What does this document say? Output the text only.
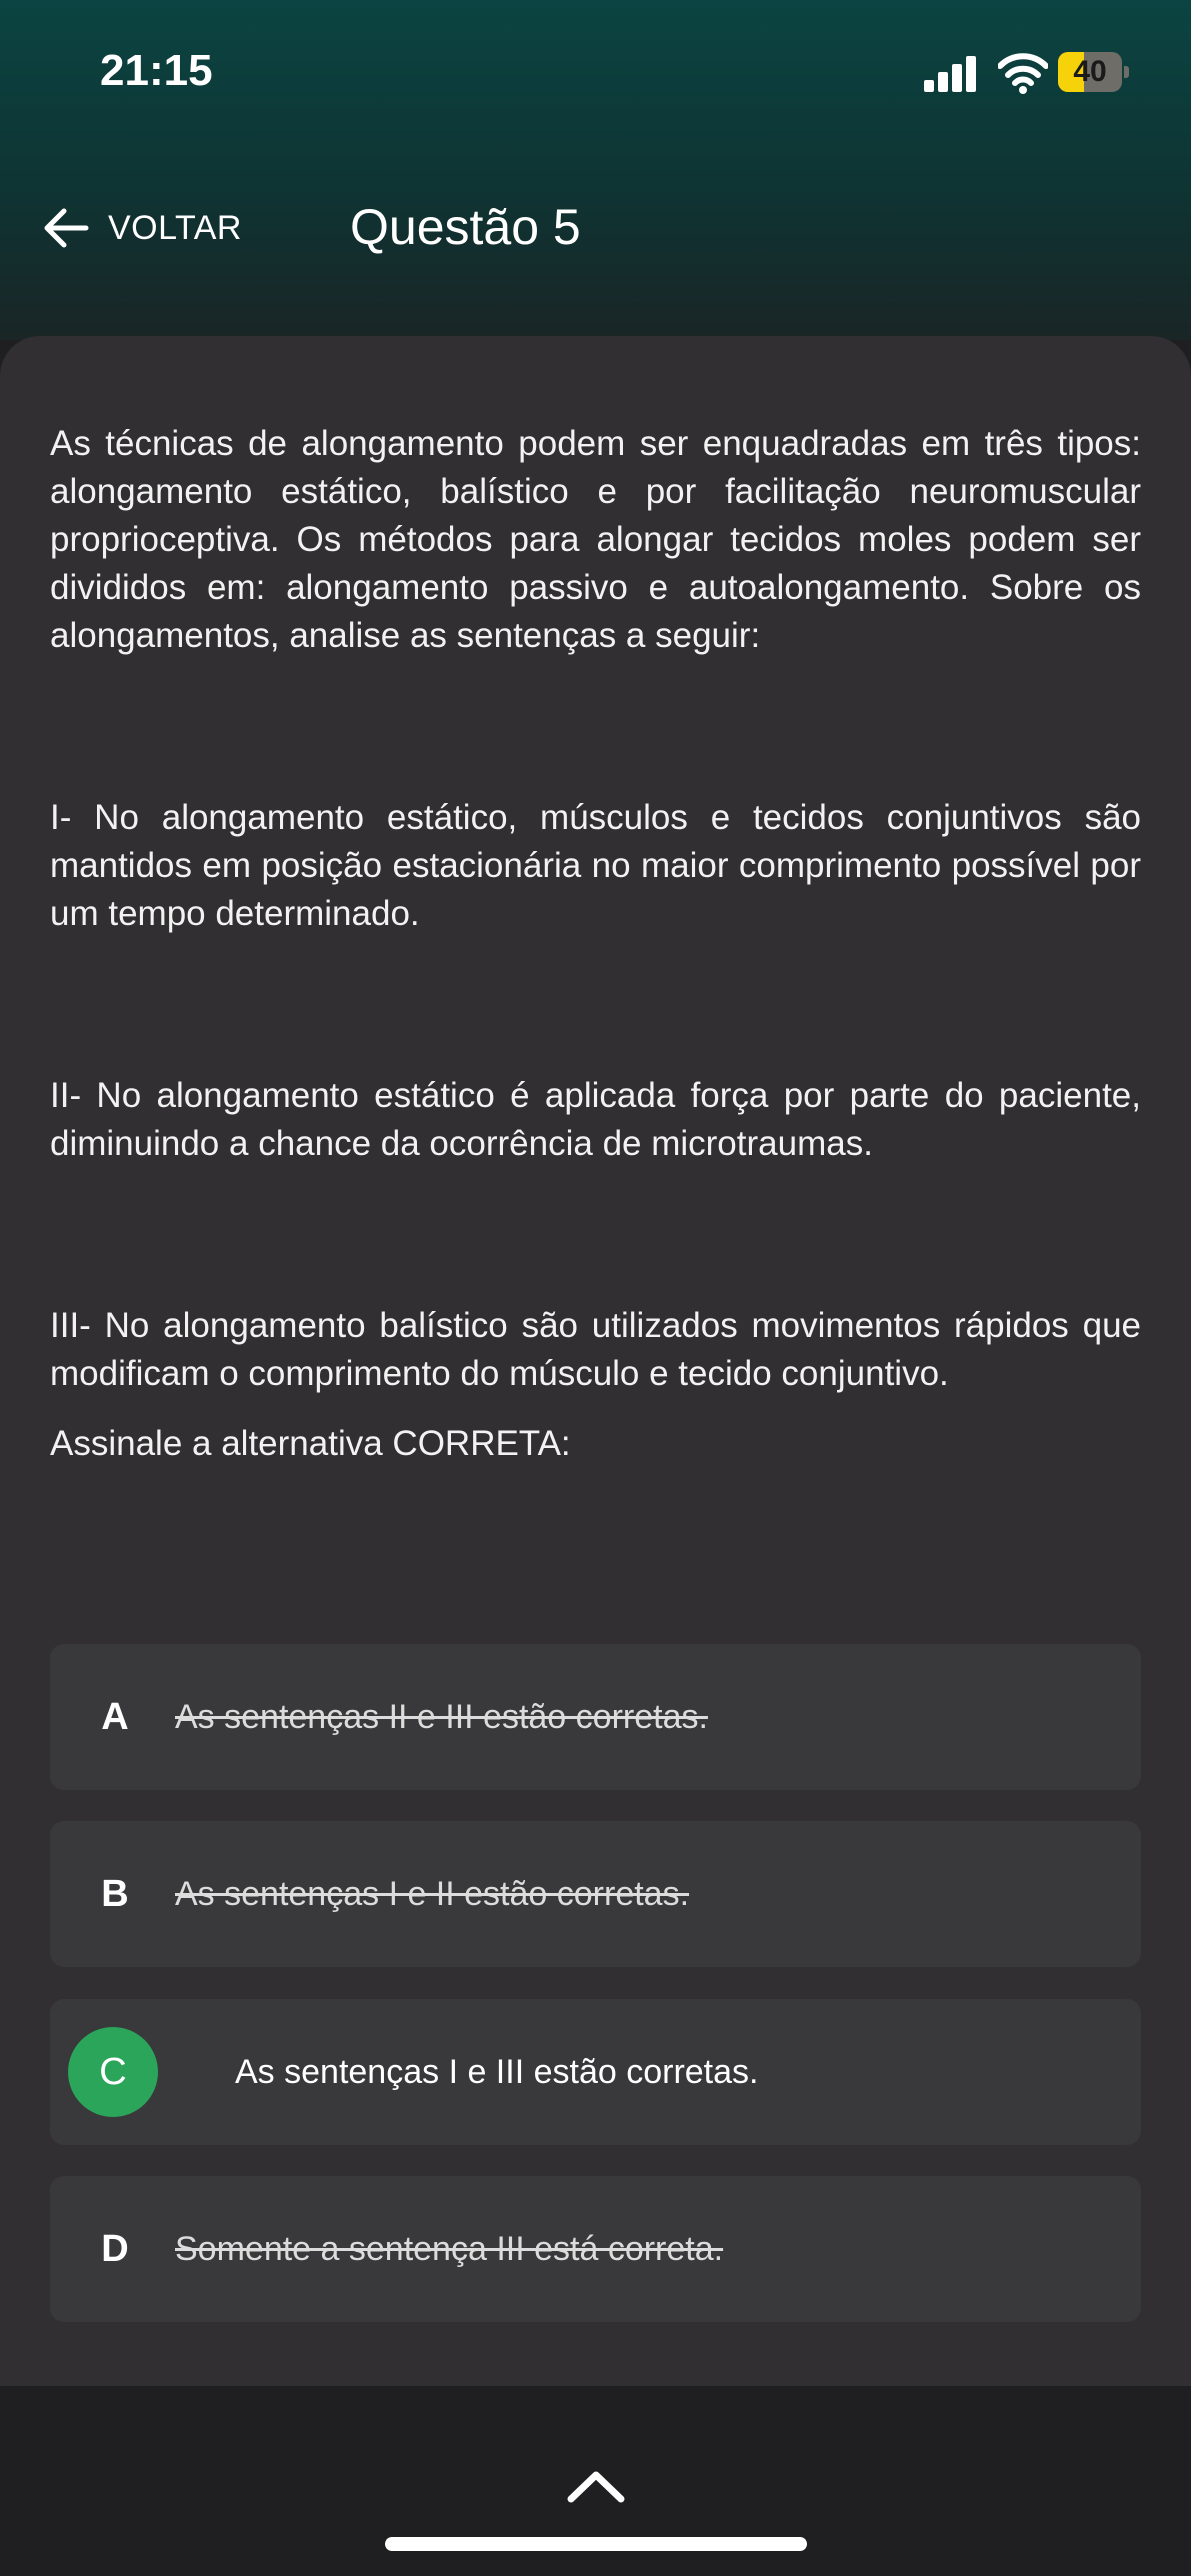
21:15	40
VOLTAR Questão 5

As técnicas de alongamento podem ser enquadradas em três tipos: alongamento estático, balístico e por facilitação neuromuscular proprioceptiva. Os métodos para alongar tecidos moles podem ser divididos em: alongamento passivo e autoalongamento. Sobre os alongamentos, analise as sentenças a seguir:

I- No alongamento estático, músculos e tecidos conjuntivos são mantidos em posição estacionária no maior comprimento possível por um tempo determinado.

II- No alongamento estático é aplicada força por parte do paciente, diminuindo a chance da ocorrência de microtraumas.

III- No alongamento balístico são utilizados movimentos rápidos que modificam o comprimento do músculo e tecido conjuntivo.

Assinale a alternativa CORRETA:

A	As sentenças II e III estão corretas.
B	As sentenças I e II estão corretas.
C	As sentenças I e III estão corretas.
D	Somente a sentença III está correta.
